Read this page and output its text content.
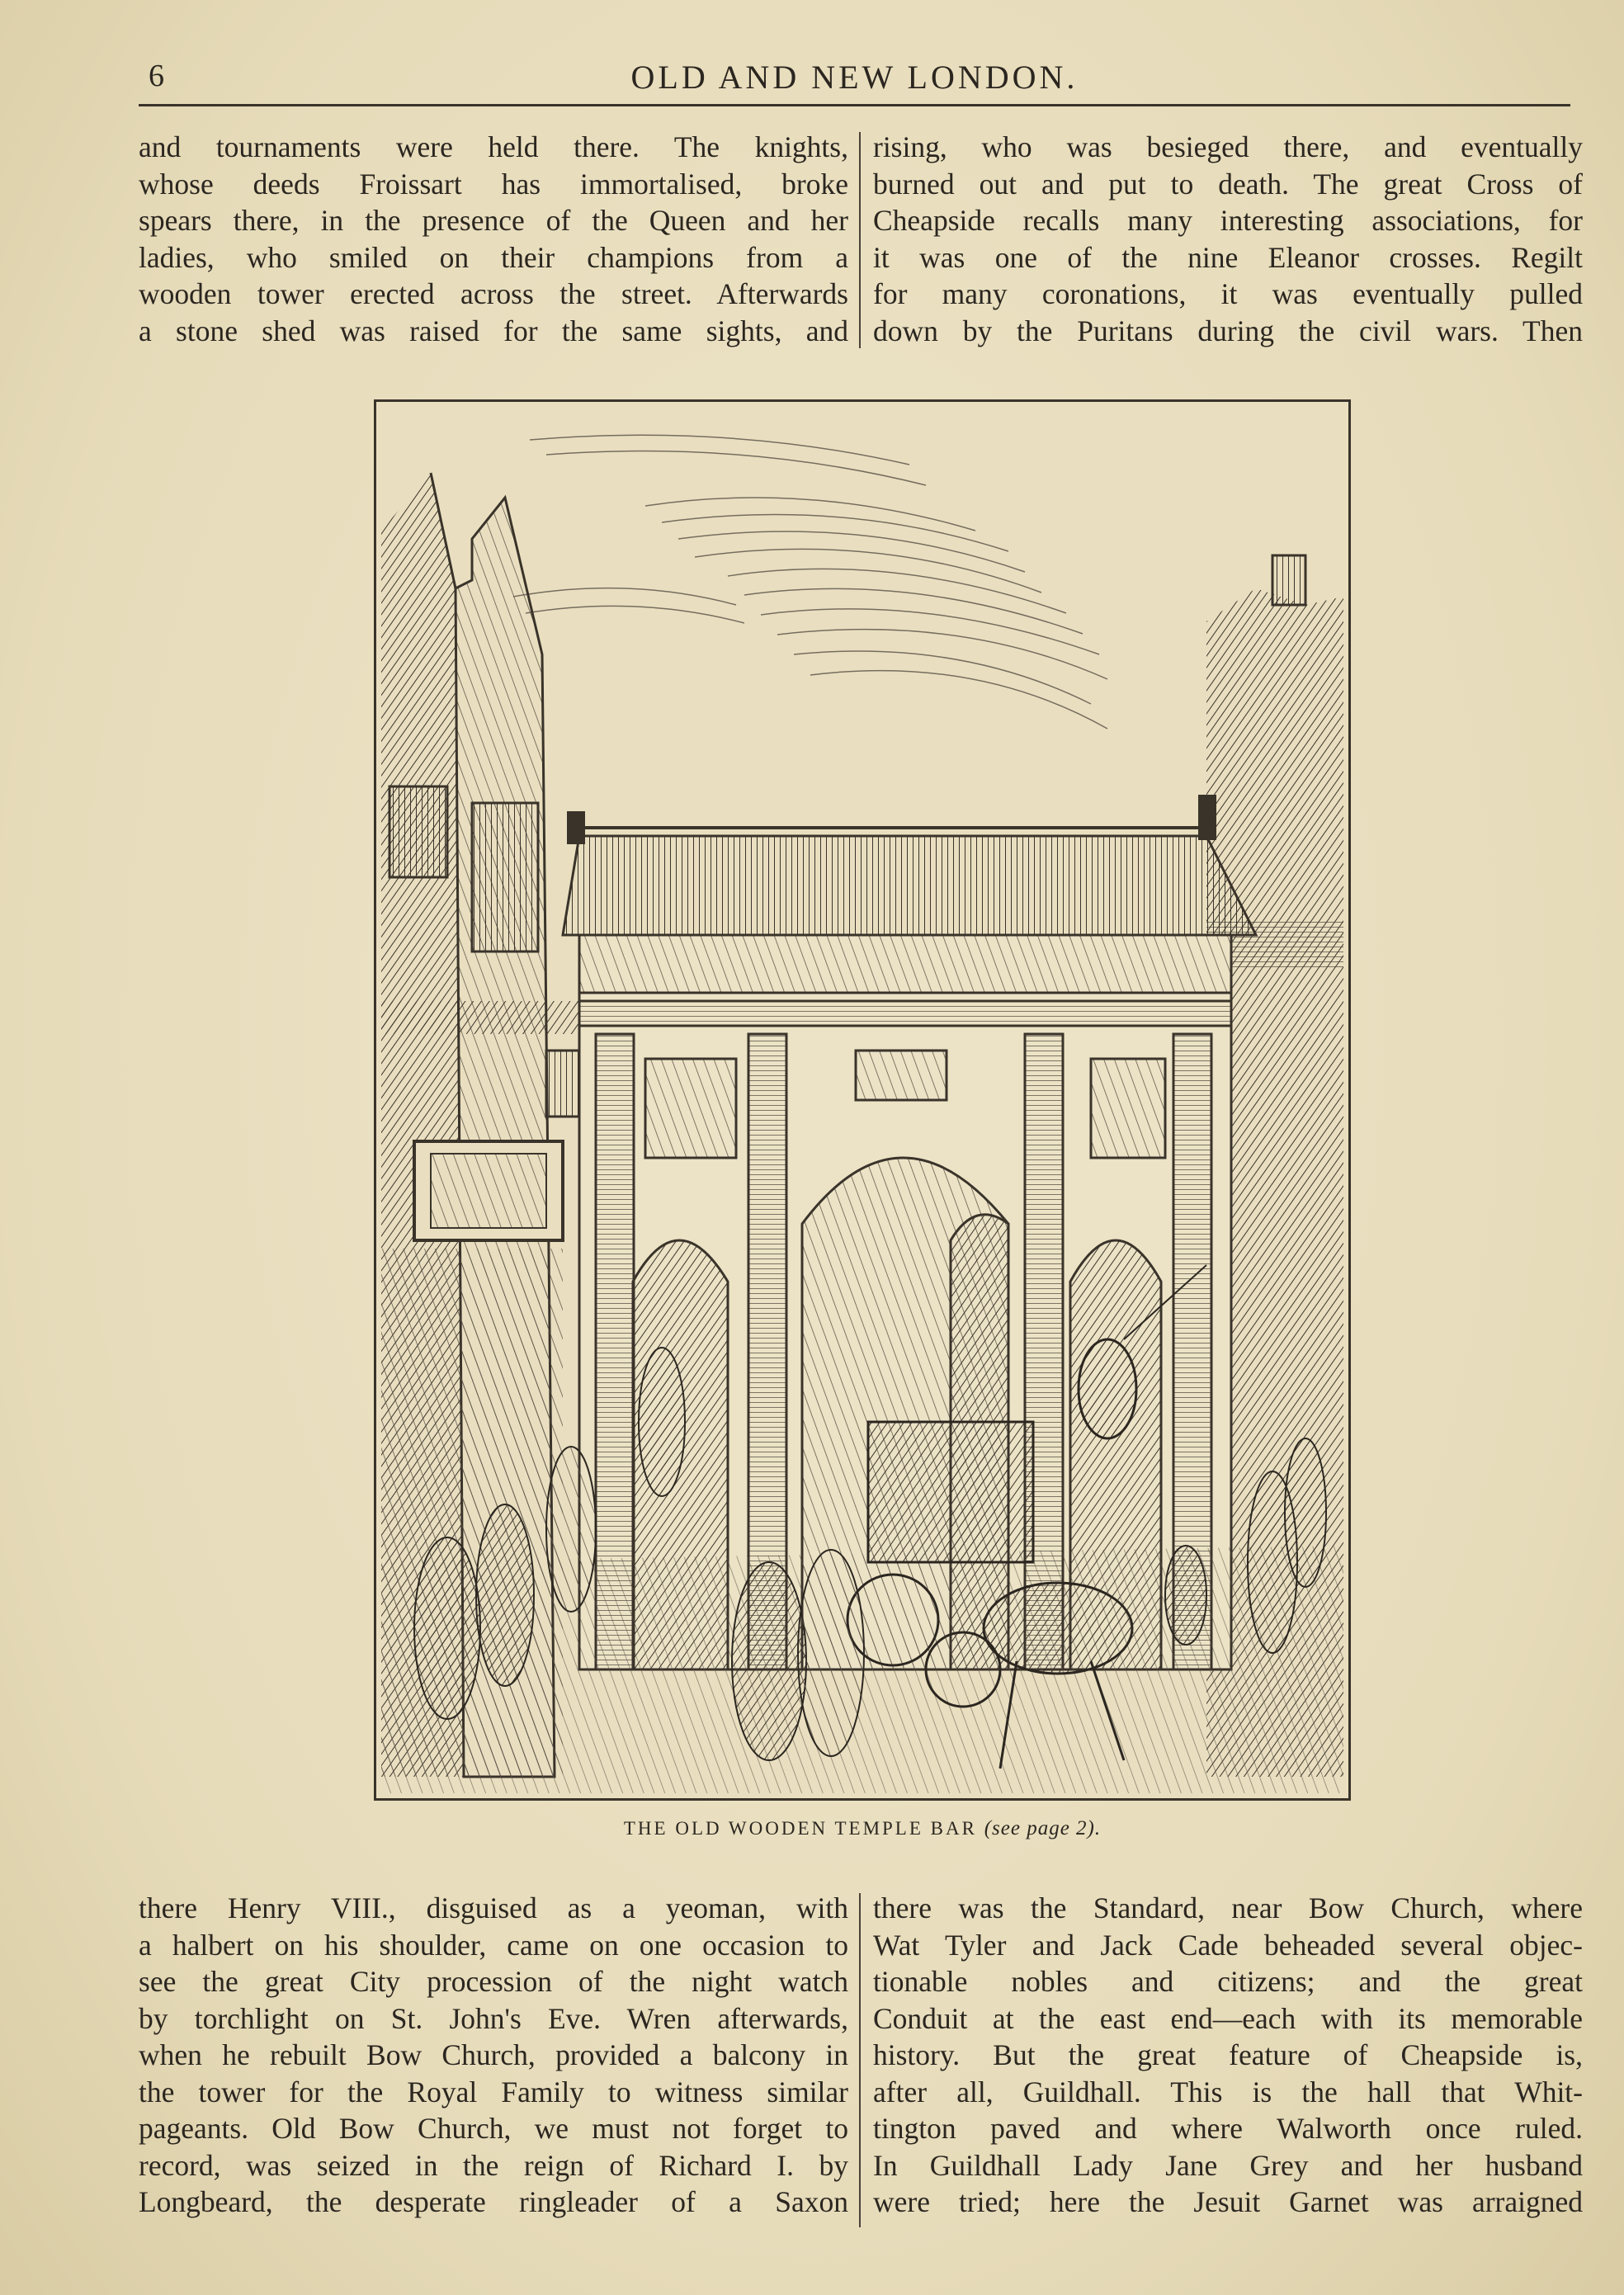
6	OLD AND NEW LONDON.
and tournaments were held there. The knights,
whose deeds Froissart has immortalised, broke
spears there, in the presence of the Queen and her
ladies, who smiled on their champions from a
wooden tower erected across the street. Afterwards
a stone shed was raised for the same sights, and
rising, who was besieged there, and eventually
burned out and put to death. The great Cross of
Cheapside recalls many interesting associations, for
it was one of the nine Eleanor crosses. Regilt
for many coronations, it was eventually pulled
down by the Puritans during the civil wars. Then
THE OLD WOODEN TEMPLE BAR (see page 2).
there Henry VIII., disguised as a yeoman, with
a halbert on his shoulder, came on one occasion to
see the great City procession of the night watch
by torchlight on St. John's Eve. Wren afterwards,
when he rebuilt Bow Church, provided a balcony in
the tower for the Royal Family to witness similar
pageants. Old Bow Church, we must not forget to
record, was seized in the reign of Richard I. by
Longbeard, the desperate ringleader of a Saxon
there was the Standard, near Bow Church, where
Wat Tyler and Jack Cade beheaded several objec-
tionable nobles and citizens; and the great
Conduit at the east end—each with its memorable
history. But the great feature of Cheapside is,
after all, Guildhall. This is the hall that Whit-
tington paved and where Walworth once ruled.
In Guildhall Lady Jane Grey and her husband
were tried; here the Jesuit Garnet was arraigned
